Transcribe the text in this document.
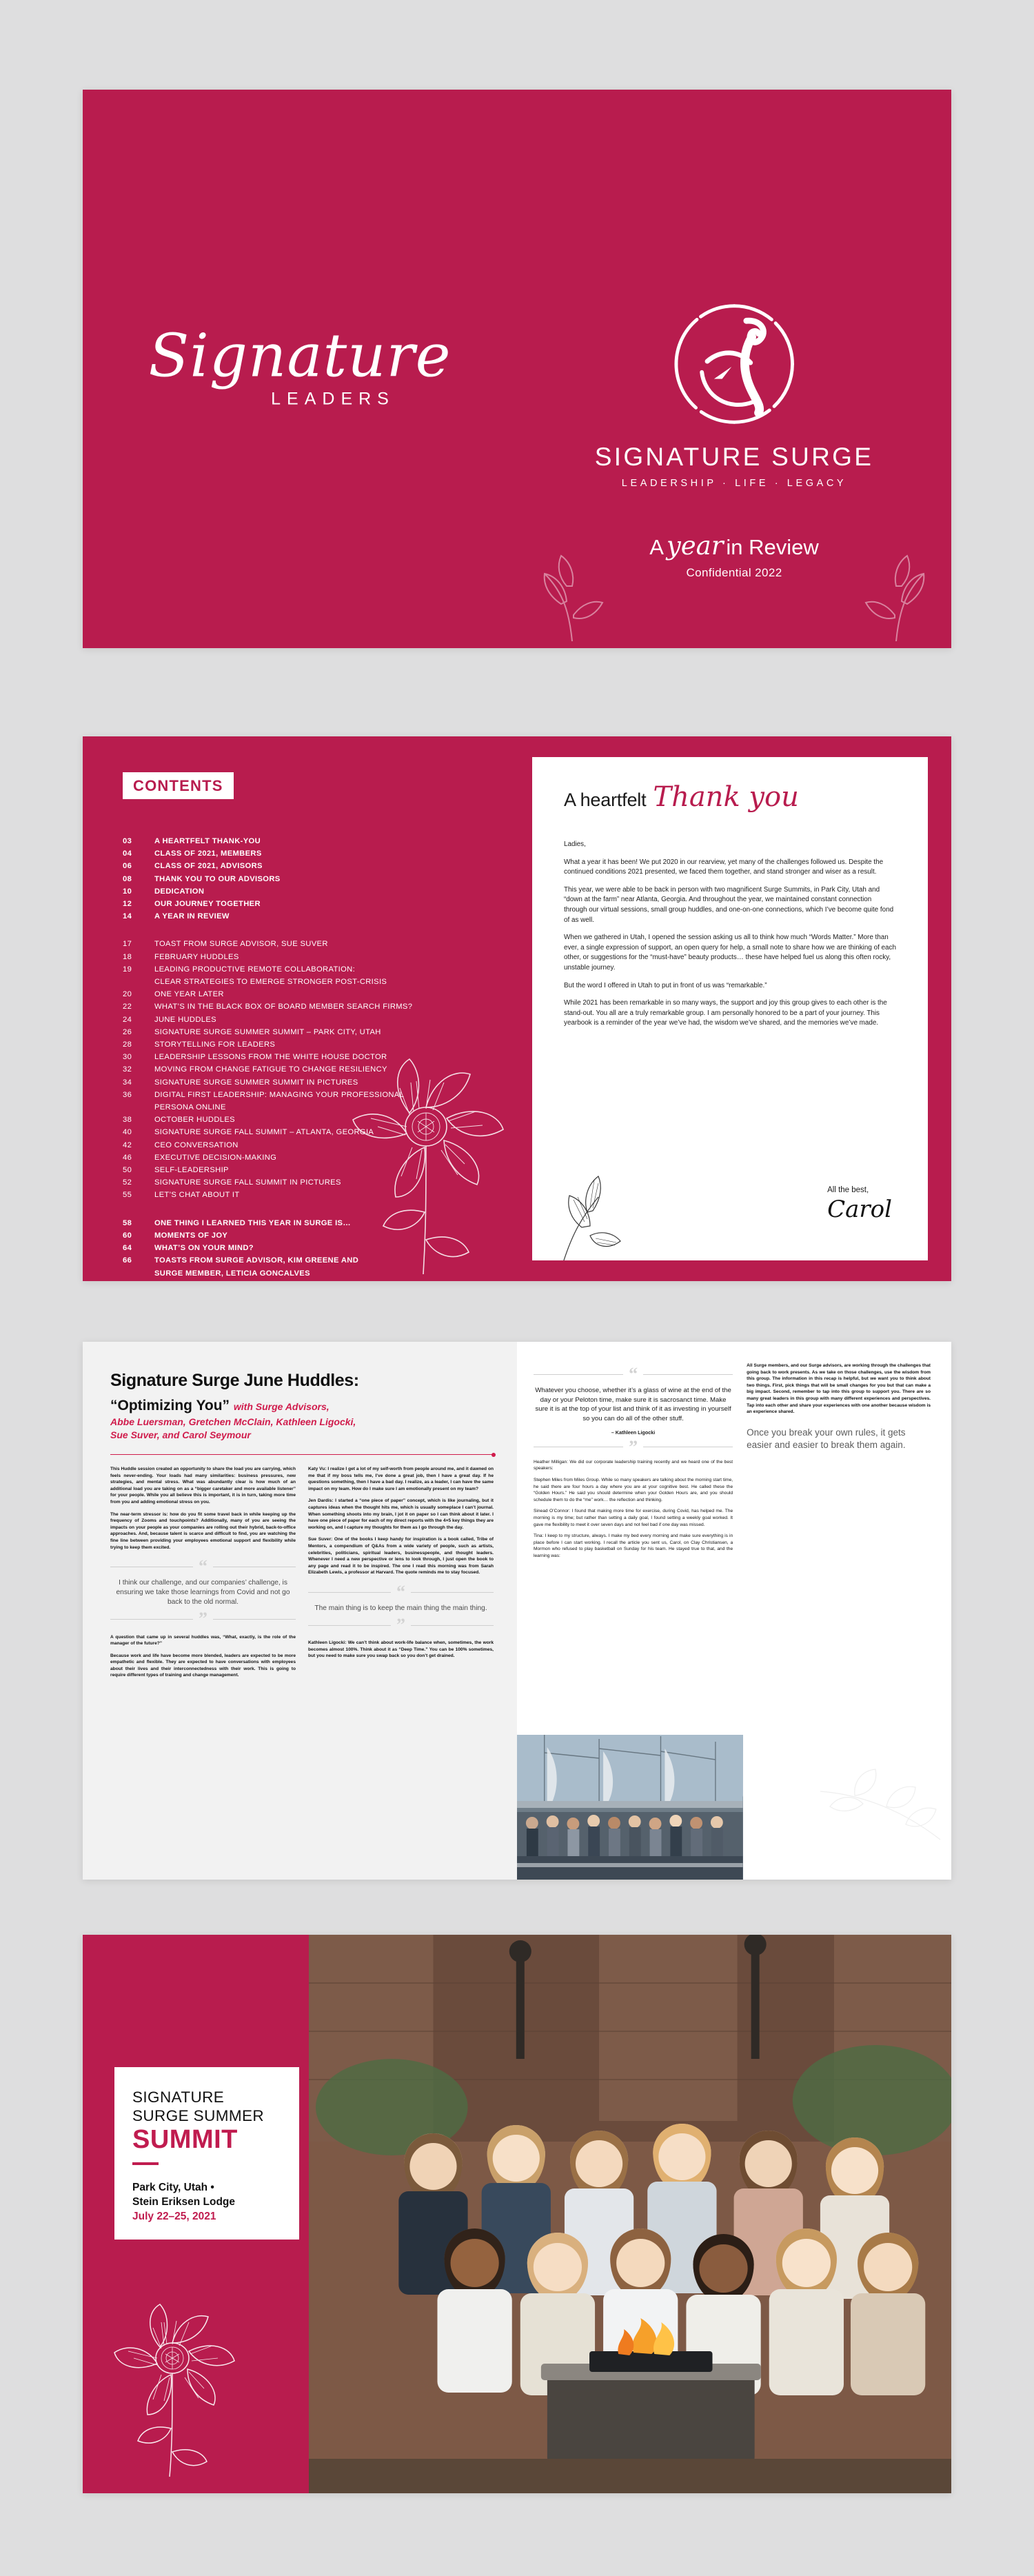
Signature
LEADERS
SIGNATURE SURGE
LEADERSHIP · LIFE · LEGACY
A year in Review
Confidential 2022
CONTENTS
03	A HEARTFELT THANK-YOU
04	CLASS OF 2021, MEMBERS
06	CLASS OF 2021, ADVISORS
08	THANK YOU TO OUR ADVISORS
10	DEDICATION
12	OUR JOURNEY TOGETHER
14	A YEAR IN REVIEW
17	TOAST FROM SURGE ADVISOR, SUE SUVER
18	FEBRUARY HUDDLES
19	LEADING PRODUCTIVE REMOTE COLLABORATION:
CLEAR STRATEGIES TO EMERGE STRONGER POST-CRISIS
20	ONE YEAR LATER
22	WHAT’S IN THE BLACK BOX OF BOARD MEMBER SEARCH FIRMS?
24	JUNE HUDDLES
26	SIGNATURE SURGE SUMMER SUMMIT – PARK CITY, UTAH
28	STORYTELLING FOR LEADERS
30	LEADERSHIP LESSONS FROM THE WHITE HOUSE DOCTOR
32	MOVING FROM CHANGE FATIGUE TO CHANGE RESILIENCY
34	SIGNATURE SURGE SUMMER SUMMIT IN PICTURES
36	DIGITAL FIRST LEADERSHIP: MANAGING YOUR PROFESSIONAL
PERSONA ONLINE
38	OCTOBER HUDDLES
40	SIGNATURE SURGE FALL SUMMIT – ATLANTA, GEORGIA
42	CEO CONVERSATION
46	EXECUTIVE DECISION-MAKING
50	SELF-LEADERSHIP
52	SIGNATURE SURGE FALL SUMMIT IN PICTURES
55	LET’S CHAT ABOUT IT
58	ONE THING I LEARNED THIS YEAR IN SURGE IS…
60	MOMENTS OF JOY
64	WHAT’S ON YOUR MIND?
66	TOASTS FROM SURGE ADVISOR, KIM GREENE AND
SURGE MEMBER, LETICIA GONCALVES
A heartfelt Thank you

Ladies,

What a year it has been! We put 2020 in our rearview, yet many of the challenges followed us. Despite the continued conditions 2021 presented, we faced them together, and stand stronger and wiser as a result.

This year, we were able to be back in person with two magnificent Surge Summits, in Park City, Utah and “down at the farm” near Atlanta, Georgia. And throughout the year, we maintained constant connection through our virtual sessions, small group huddles, and one-on-one connections, which I’ve become quite fond of as well.

When we gathered in Utah, I opened the session asking us all to think how much “Words Matter.” More than ever, a single expression of support, an open query for help, a small note to share how we are thinking of each other, or suggestions for the “must-have” beauty products… these have helped fuel us along this often rocky, unstable journey.

But the word I offered in Utah to put in front of us was “remarkable.”

While 2021 has been remarkable in so many ways, the support and joy this group gives to each other is the stand-out. You all are a truly remarkable group. I am personally honored to be a part of your journey. This yearbook is a reminder of the year we’ve had, the wisdom we’ve shared, and the memories we’ve made.

All the best,
Carol
Signature Surge June Huddles:
“Optimizing You” with Surge Advisors,
Abbe Luersman, Gretchen McClain, Kathleen Ligocki,
Sue Suver, and Carol Seymour

This Huddle session created an opportunity to share the load you are carrying, which feels never-ending. Your loads had many similarities: business pressures, new strategies, and mental stress. What was abundantly clear is how much of an additional load you are taking on as a “bigger caretaker and more available listener” for your people. While you all believe this is important, it is in turn, taking more time from you and adding emotional stress on you.

The near-term stressor is: how do you fit some travel back in while keeping up the frequency of Zooms and touchpoints? Additionally, many of you are seeing the impacts on your people as your companies are rolling out their hybrid, back-to-office approaches. And, because talent is scarce and difficult to find, you are watching the fine line between providing your employees emotional support and flexibility while trying to keep them excited.

“
I think our challenge, and our companies’ challenge, is ensuring we take those learnings from Covid and not go back to the old normal.
”

A question that came up in several huddles was, “What, exactly, is the role of the manager of the future?”

Because work and life have become more blended, leaders are expected to be more empathetic and flexible. They are expected to have conversations with employees about their lives and their interconnectedness with their work. This is going to require different types of training and change management.

Katy Vu: I realize I get a lot of my self-worth from people around me, and it dawned on me that if my boss tells me, I’ve done a great job, then I have a great day. If he questions something, then I have a bad day. I realize, as a leader, I can have the same impact on my team. How do I make sure I am emotionally present on my team?

Jen Dardis: I started a “one piece of paper” concept, which is like journaling, but it captures ideas when the thought hits me, which is usually someplace I can’t journal. When something shoots into my brain, I jot it on paper so I can think about it later. I have one piece of paper for each of my direct reports with the 4×5 key things they are working on, and I capture my thoughts for them as I go through the day.

Sue Suver: One of the books I keep handy for inspiration is a book called, Tribe of Mentors, a compendium of Q&As from a wide variety of people, such as artists, celebrities, politicians, spiritual leaders, businesspeople, and thought leaders. Whenever I need a new perspective or lens to look through, I just open the book to any page and read it to be inspired. The one I read this morning was from Sarah Elizabeth Lewis, a professor at Harvard. The quote reminds me to stay focused.

“
The main thing is to keep the main thing the main thing.
”

Kathleen Ligocki: We can’t think about work-life balance when, sometimes, the work becomes almost 100%. Think about it as “Deep Time.” You can be 100% sometimes, but you need to make sure you swap back so you don’t get drained.

“
Whatever you choose, whether it’s a glass of wine at the end of the day or your Peloton time, make sure it is sacrosanct time. Make sure it is at the top of your list and think of it as investing in yourself so you can do all of the other stuff.
– Kathleen Ligocki
”

Heather Milligan: We did our corporate leadership training recently and we heard one of the best speakers:

Stephen Miles from Miles Group. While so many speakers are talking about the morning start time, he said there are four hours a day where you are at your cognitive best. He called these the “Golden Hours.” He said you should determine when your Golden Hours are, and you should schedule them to do the “me” work… the reflection and thinking.

Sinead O’Connor: I found that making more time for exercise, during Covid, has helped me. The morning is my time; but rather than setting a daily goal, I found setting a weekly goal worked. It gave me flexibility to meet it over seven days and not feel bad if one day was missed.

Tina: I keep to my structure, always. I make my bed every morning and make sure everything is in place before I can start working. I recall the article you sent us, Carol, on Clay Christiansen, a Mormon who refused to play basketball on Sunday for his team. He stayed true to that, and the learning was:

All Surge members, and our Surge advisors, are working through the challenges that going back to work presents. As we take on those challenges, use the wisdom from this group. The information in this recap is helpful, but we want you to think about two things. First, pick things that will be small changes for you but that can make a big impact. Second, remember to tap into this group to support you. There are so many great leaders in this group with many different experiences and perspectives. Tap into each other and share your experiences with one another because wisdom is an experience shared.

Once you break your own rules, it gets easier and easier to break them again.
SIGNATURE
SURGE SUMMER
SUMMIT
Park City, Utah •
Stein Eriksen Lodge
July 22–25, 2021
